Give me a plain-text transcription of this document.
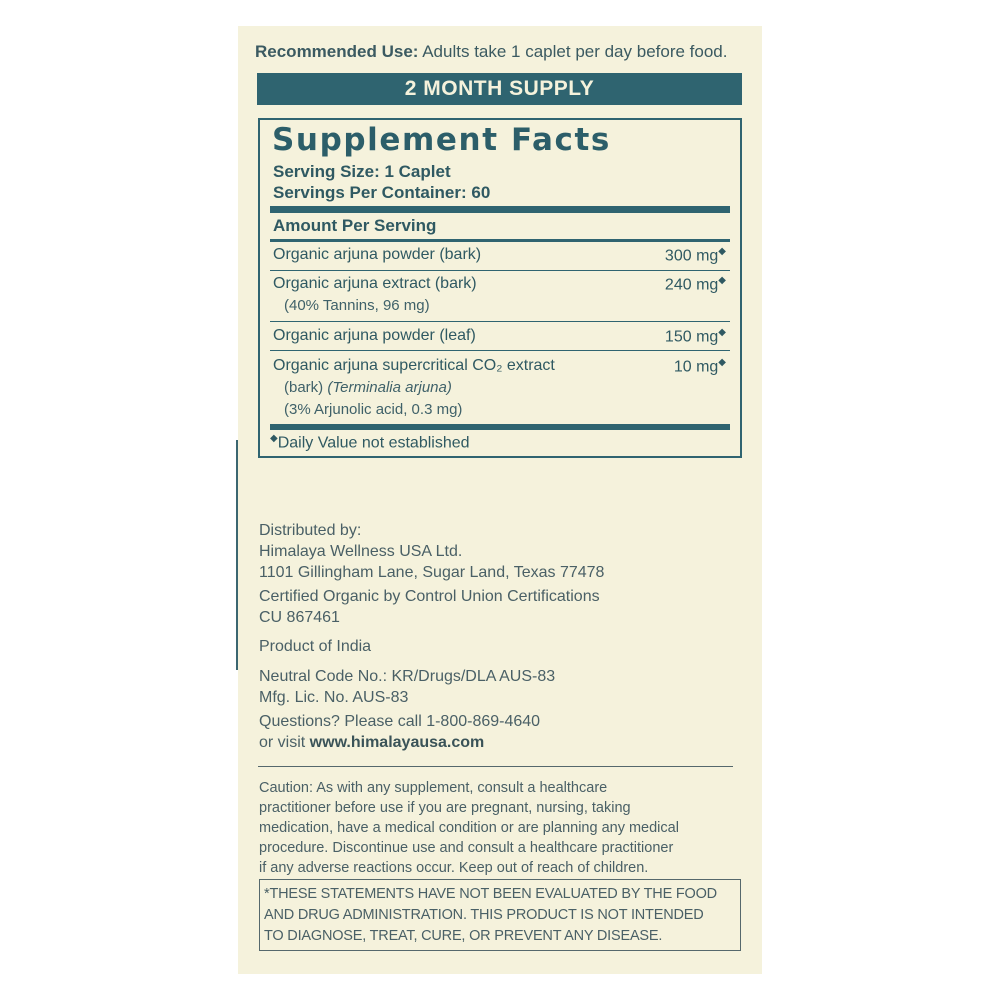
Recommended Use: Adults take 1 caplet per day before food.
2 MONTH SUPPLY
Supplement Facts
Serving Size: 1 Caplet
Servings Per Container: 60
Amount Per Serving
Organic arjuna powder (bark)	300 mg◆
Organic arjuna extract (bark)
(40% Tannins, 96 mg)
240 mg◆
Organic arjuna powder (leaf)	150 mg◆
Organic arjuna supercritical CO₂ extract
(bark) (Terminalia arjuna)
(3% Arjunolic acid, 0.3 mg)
10 mg◆
◆Daily Value not established
Distributed by:
Himalaya Wellness USA Ltd.
1101 Gillingham Lane, Sugar Land, Texas 77478
Certified Organic by Control Union Certifications
CU 867461
Product of India
Neutral Code No.: KR/Drugs/DLA AUS-83
Mfg. Lic. No. AUS-83
Questions? Please call 1-800-869-4640
or visit www.himalayausa.com
Caution: As with any supplement, consult a healthcare
practitioner before use if you are pregnant, nursing, taking
medication, have a medical condition or are planning any medical
procedure. Discontinue use and consult a healthcare practitioner
if any adverse reactions occur. Keep out of reach of children.
*THESE STATEMENTS HAVE NOT BEEN EVALUATED BY THE FOOD
AND DRUG ADMINISTRATION. THIS PRODUCT IS NOT INTENDED
TO DIAGNOSE, TREAT, CURE, OR PREVENT ANY DISEASE.
